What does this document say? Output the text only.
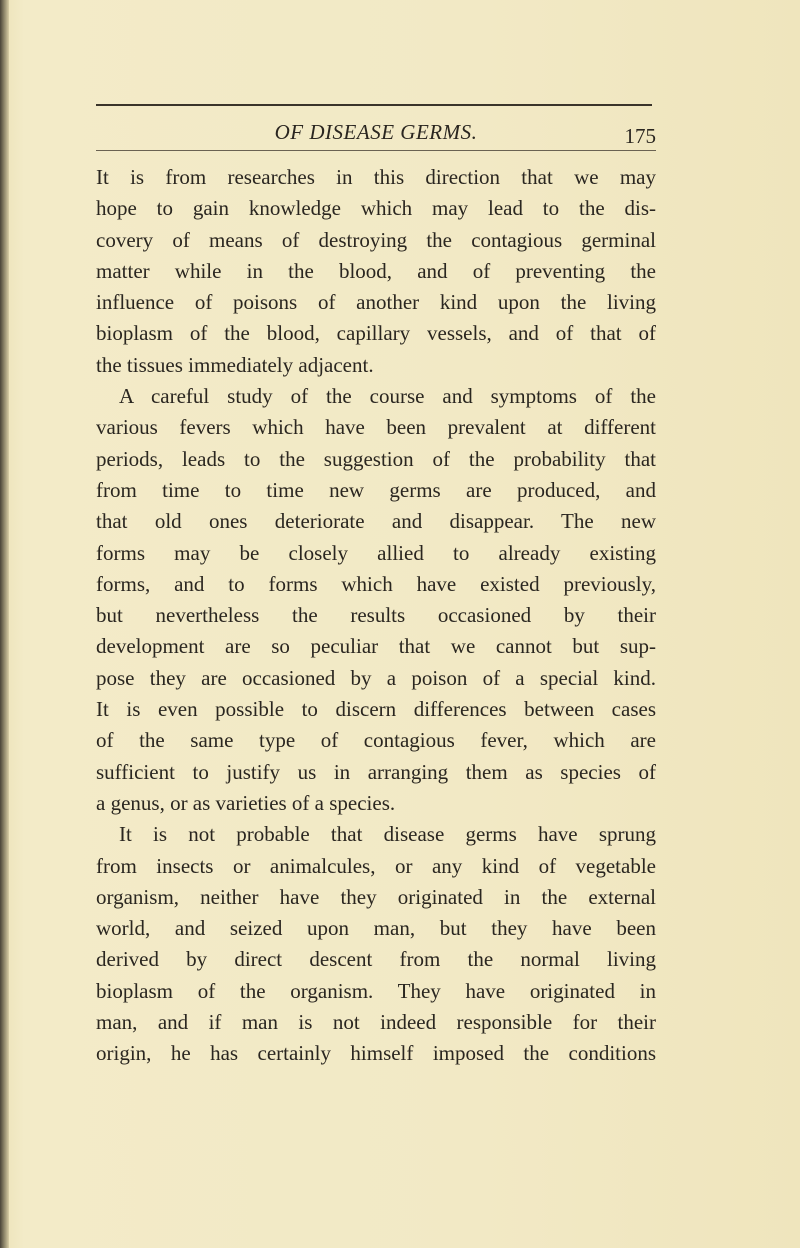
OF DISEASE GERMS.	175
It is from researches in this direction that we may
hope to gain knowledge which may lead to the dis-
covery of means of destroying the contagious germinal
matter while in the blood, and of preventing the
influence of poisons of another kind upon the living
bioplasm of the blood, capillary vessels, and of that of
the tissues immediately adjacent.
A careful study of the course and symptoms of the
various fevers which have been prevalent at different
periods, leads to the suggestion of the probability that
from time to time new germs are produced, and
that old ones deteriorate and disappear. The new
forms may be closely allied to already existing
forms, and to forms which have existed previously,
but nevertheless the results occasioned by their
development are so peculiar that we cannot but sup-
pose they are occasioned by a poison of a special kind.
It is even possible to discern differences between cases
of the same type of contagious fever, which are
sufficient to justify us in arranging them as species of
a genus, or as varieties of a species.
It is not probable that disease germs have sprung
from insects or animalcules, or any kind of vegetable
organism, neither have they originated in the external
world, and seized upon man, but they have been
derived by direct descent from the normal living
bioplasm of the organism. They have originated in
man, and if man is not indeed responsible for their
origin, he has certainly himself imposed the conditions
